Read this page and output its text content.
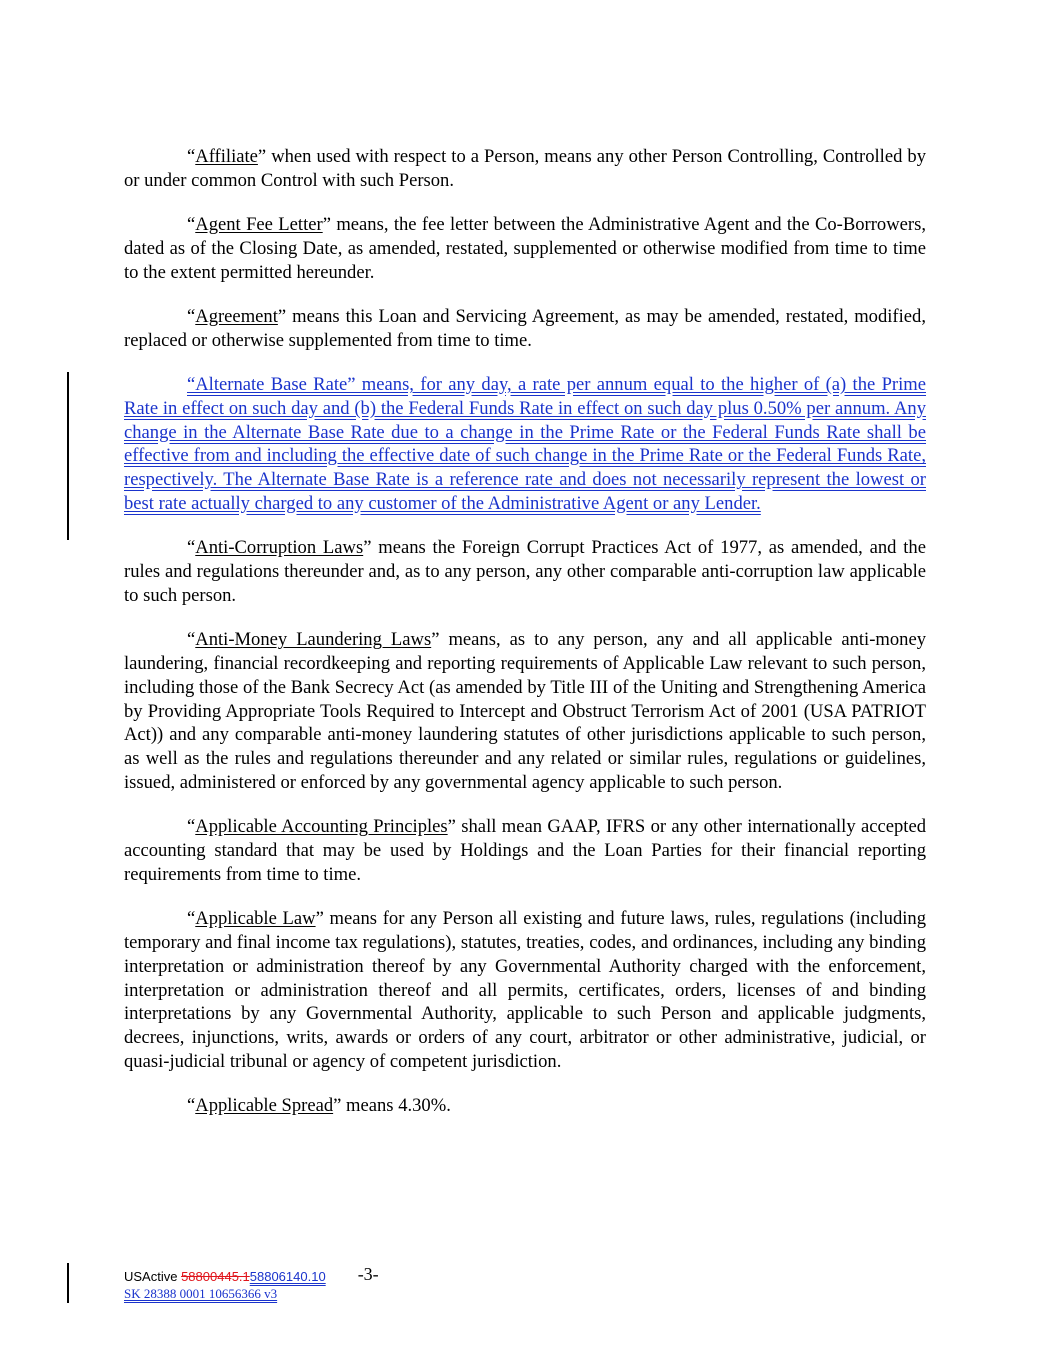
“Affiliate” when used with respect to a Person, means any other Person Controlling, Controlled by or under common Control with such Person.

“Agent Fee Letter” means, the fee letter between the Administrative Agent and the Co-Borrowers, dated as of the Closing Date, as amended, restated, supplemented or otherwise modified from time to time to the extent permitted hereunder.

“Agreement” means this Loan and Servicing Agreement, as may be amended, restated, modified, replaced or otherwise supplemented from time to time.

“Alternate Base Rate” means, for any day, a rate per annum equal to the higher of (a) the Prime Rate in effect on such day and (b) the Federal Funds Rate in effect on such day plus 0.50% per annum. Any change in the Alternate Base Rate due to a change in the Prime Rate or the Federal Funds Rate shall be effective from and including the effective date of such change in the Prime Rate or the Federal Funds Rate, respectively. The Alternate Base Rate is a reference rate and does not necessarily represent the lowest or best rate actually charged to any customer of the Administrative Agent or any Lender.

“Anti-Corruption Laws” means the Foreign Corrupt Practices Act of 1977, as amended, and the rules and regulations thereunder and, as to any person, any other comparable anti-corruption law applicable to such person.

“Anti-Money Laundering Laws” means, as to any person, any and all applicable anti-money laundering, financial recordkeeping and reporting requirements of Applicable Law relevant to such person, including those of the Bank Secrecy Act (as amended by Title III of the Uniting and Strengthening America by Providing Appropriate Tools Required to Intercept and Obstruct Terrorism Act of 2001 (USA PATRIOT Act)) and any comparable anti-money laundering statutes of other jurisdictions applicable to such person, as well as the rules and regulations thereunder and any related or similar rules, regulations or guidelines, issued, administered or enforced by any governmental agency applicable to such person.

“Applicable Accounting Principles” shall mean GAAP, IFRS or any other internationally accepted accounting standard that may be used by Holdings and the Loan Parties for their financial reporting requirements from time to time.

“Applicable Law” means for any Person all existing and future laws, rules, regulations (including temporary and final income tax regulations), statutes, treaties, codes, and ordinances, including any binding interpretation or administration thereof by any Governmental Authority charged with the enforcement, interpretation or administration thereof and all permits, certificates, orders, licenses of and binding interpretations by any Governmental Authority, applicable to such Person and applicable judgments, decrees, injunctions, writs, awards or orders of any court, arbitrator or other administrative, judicial, or quasi-judicial tribunal or agency of competent jurisdiction.

“Applicable Spread” means 4.30%.

USActive 58800445.158806140.10 -3-
SK 28388 0001 10656366 v3
